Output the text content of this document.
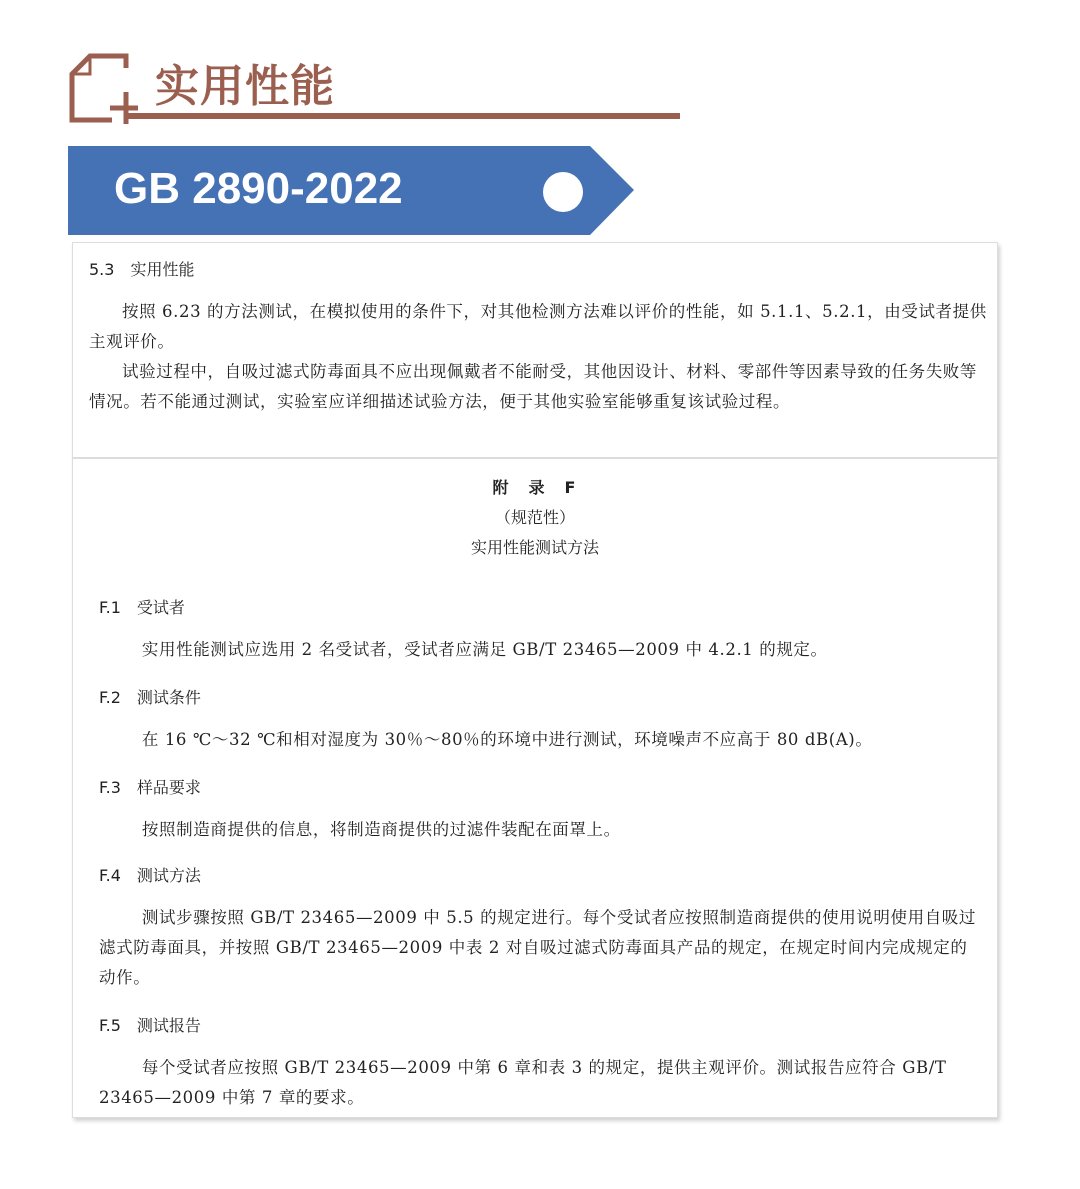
实用性能
GB 2890-2022
5.3　实用性能
按照 6.23 的方法测试，在模拟使用的条件下，对其他检测方法难以评价的性能，如 5.1.1、5.2.1，由受试者提供主观评价。
试验过程中，自吸过滤式防毒面具不应出现佩戴者不能耐受，其他因设计、材料、零部件等因素导致的任务失败等情况。若不能通过测试，实验室应详细描述试验方法，便于其他实验室能够重复该试验过程。
附　录　F
（规范性）
实用性能测试方法
F.1　受试者
实用性能测试应选用 2 名受试者，受试者应满足 GB/T 23465—2009 中 4.2.1 的规定。
F.2　测试条件
在 16 ℃～32 ℃和相对湿度为 30％～80％的环境中进行测试，环境噪声不应高于 80 dB(A)。
F.3　样品要求
按照制造商提供的信息，将制造商提供的过滤件装配在面罩上。
F.4　测试方法
测试步骤按照 GB/T 23465—2009 中 5.5 的规定进行。每个受试者应按照制造商提供的使用说明使用自吸过滤式防毒面具，并按照 GB/T 23465—2009 中表 2 对自吸过滤式防毒面具产品的规定，在规定时间内完成规定的动作。
F.5　测试报告
每个受试者应按照 GB/T 23465—2009 中第 6 章和表 3 的规定，提供主观评价。测试报告应符合 GB/T 23465—2009 中第 7 章的要求。
